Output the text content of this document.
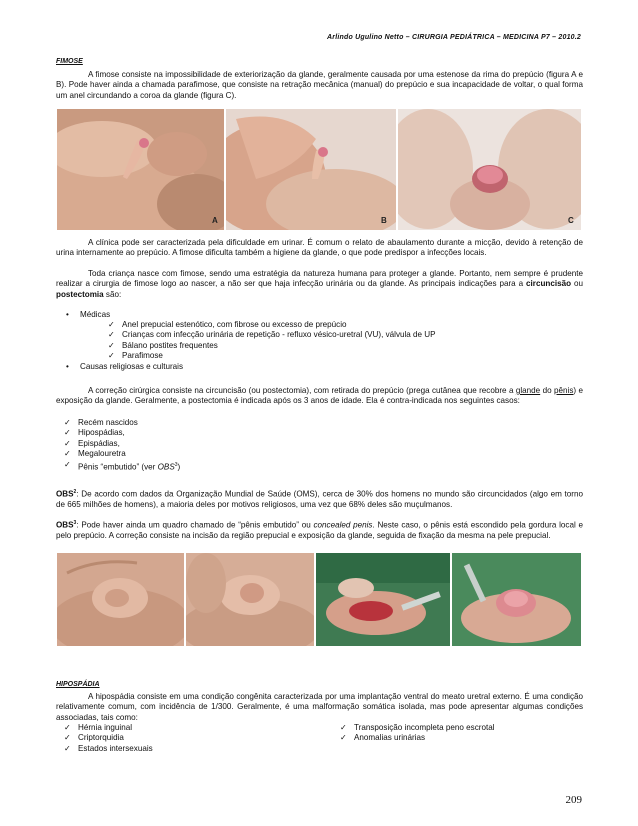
Arlindo Ugulino Netto – CIRURGIA PEDIÁTRICA – MEDICINA P7 – 2010.2
FIMOSE
A fimose consiste na impossibilidade de exteriorização da glande, geralmente causada por uma estenose da rima do prepúcio (figura A e B). Pode haver ainda a chamada parafimose, que consiste na retração mecânica (manual) do prepúcio e sua incapacidade de voltar, o qual forma um anel circundando a coroa da glande (figura C).
A	B	C
A clínica pode ser caracterizada pela dificuldade em urinar. É comum o relato de abaulamento durante a micção, devido à retenção de urina internamente ao prepúcio. A fimose dificulta também a higiene da glande, o que pode predispor a infecções locais.
Toda criança nasce com fimose, sendo uma estratégia da natureza humana para proteger a glande. Portanto, nem sempre é prudente realizar a cirurgia de fimose logo ao nascer, a não ser que haja infecção urinária ou da glande. As principais indicações para a circuncisão ou postectomia são:
• Médicas
✓ Anel prepucial estenótico, com fibrose ou excesso de prepúcio
✓ Crianças com infecção urinária de repetição - refluxo vésico-uretral (VU), válvula de UP
✓ Bálano postites frequentes
✓ Parafimose
• Causas religiosas e culturais
A correção cirúrgica consiste na circuncisão (ou postectomia), com retirada do prepúcio (prega cutânea que recobre a glande do pênis) e exposição da glande. Geralmente, a postectomia é indicada após os 3 anos de idade. Ela é contra-indicada nos seguintes casos:
✓ Recém nascidos
✓ Hipospádias,
✓ Epispádias,
✓ Megalouretra
✓ Pênis “embutido” (ver OBS$^3$)
OBS$^2$: De acordo com dados da Organização Mundial de Saúde (OMS), cerca de 30% dos homens no mundo são circuncidados (algo em torno de 665 milhões de homens), a maioria deles por motivos religiosos, uma vez que 68% deles são muçulmanos.
OBS$^3$: Pode haver ainda um quadro chamado de “pênis embutido” ou concealed penis. Neste caso, o pênis está escondido pela gordura local e pelo prepúcio. A correção consiste na incisão da região prepucial e exposição da glande, seguida de fixação da mesma na pele prepucial.
HIPOSPÁDIA
A hipospádia consiste em uma condição congênita caracterizada por uma implantação ventral do meato uretral externo. É uma condição relativamente comum, com incidência de 1/300. Geralmente, é uma malformação somática isolada, mas pode apresentar algumas condições associadas, tais como:
✓ Hérnia inguinal
✓ Criptorquidia
✓ Estados intersexuais
✓ Transposição incompleta peno escrotal
✓ Anomalias urinárias
209
